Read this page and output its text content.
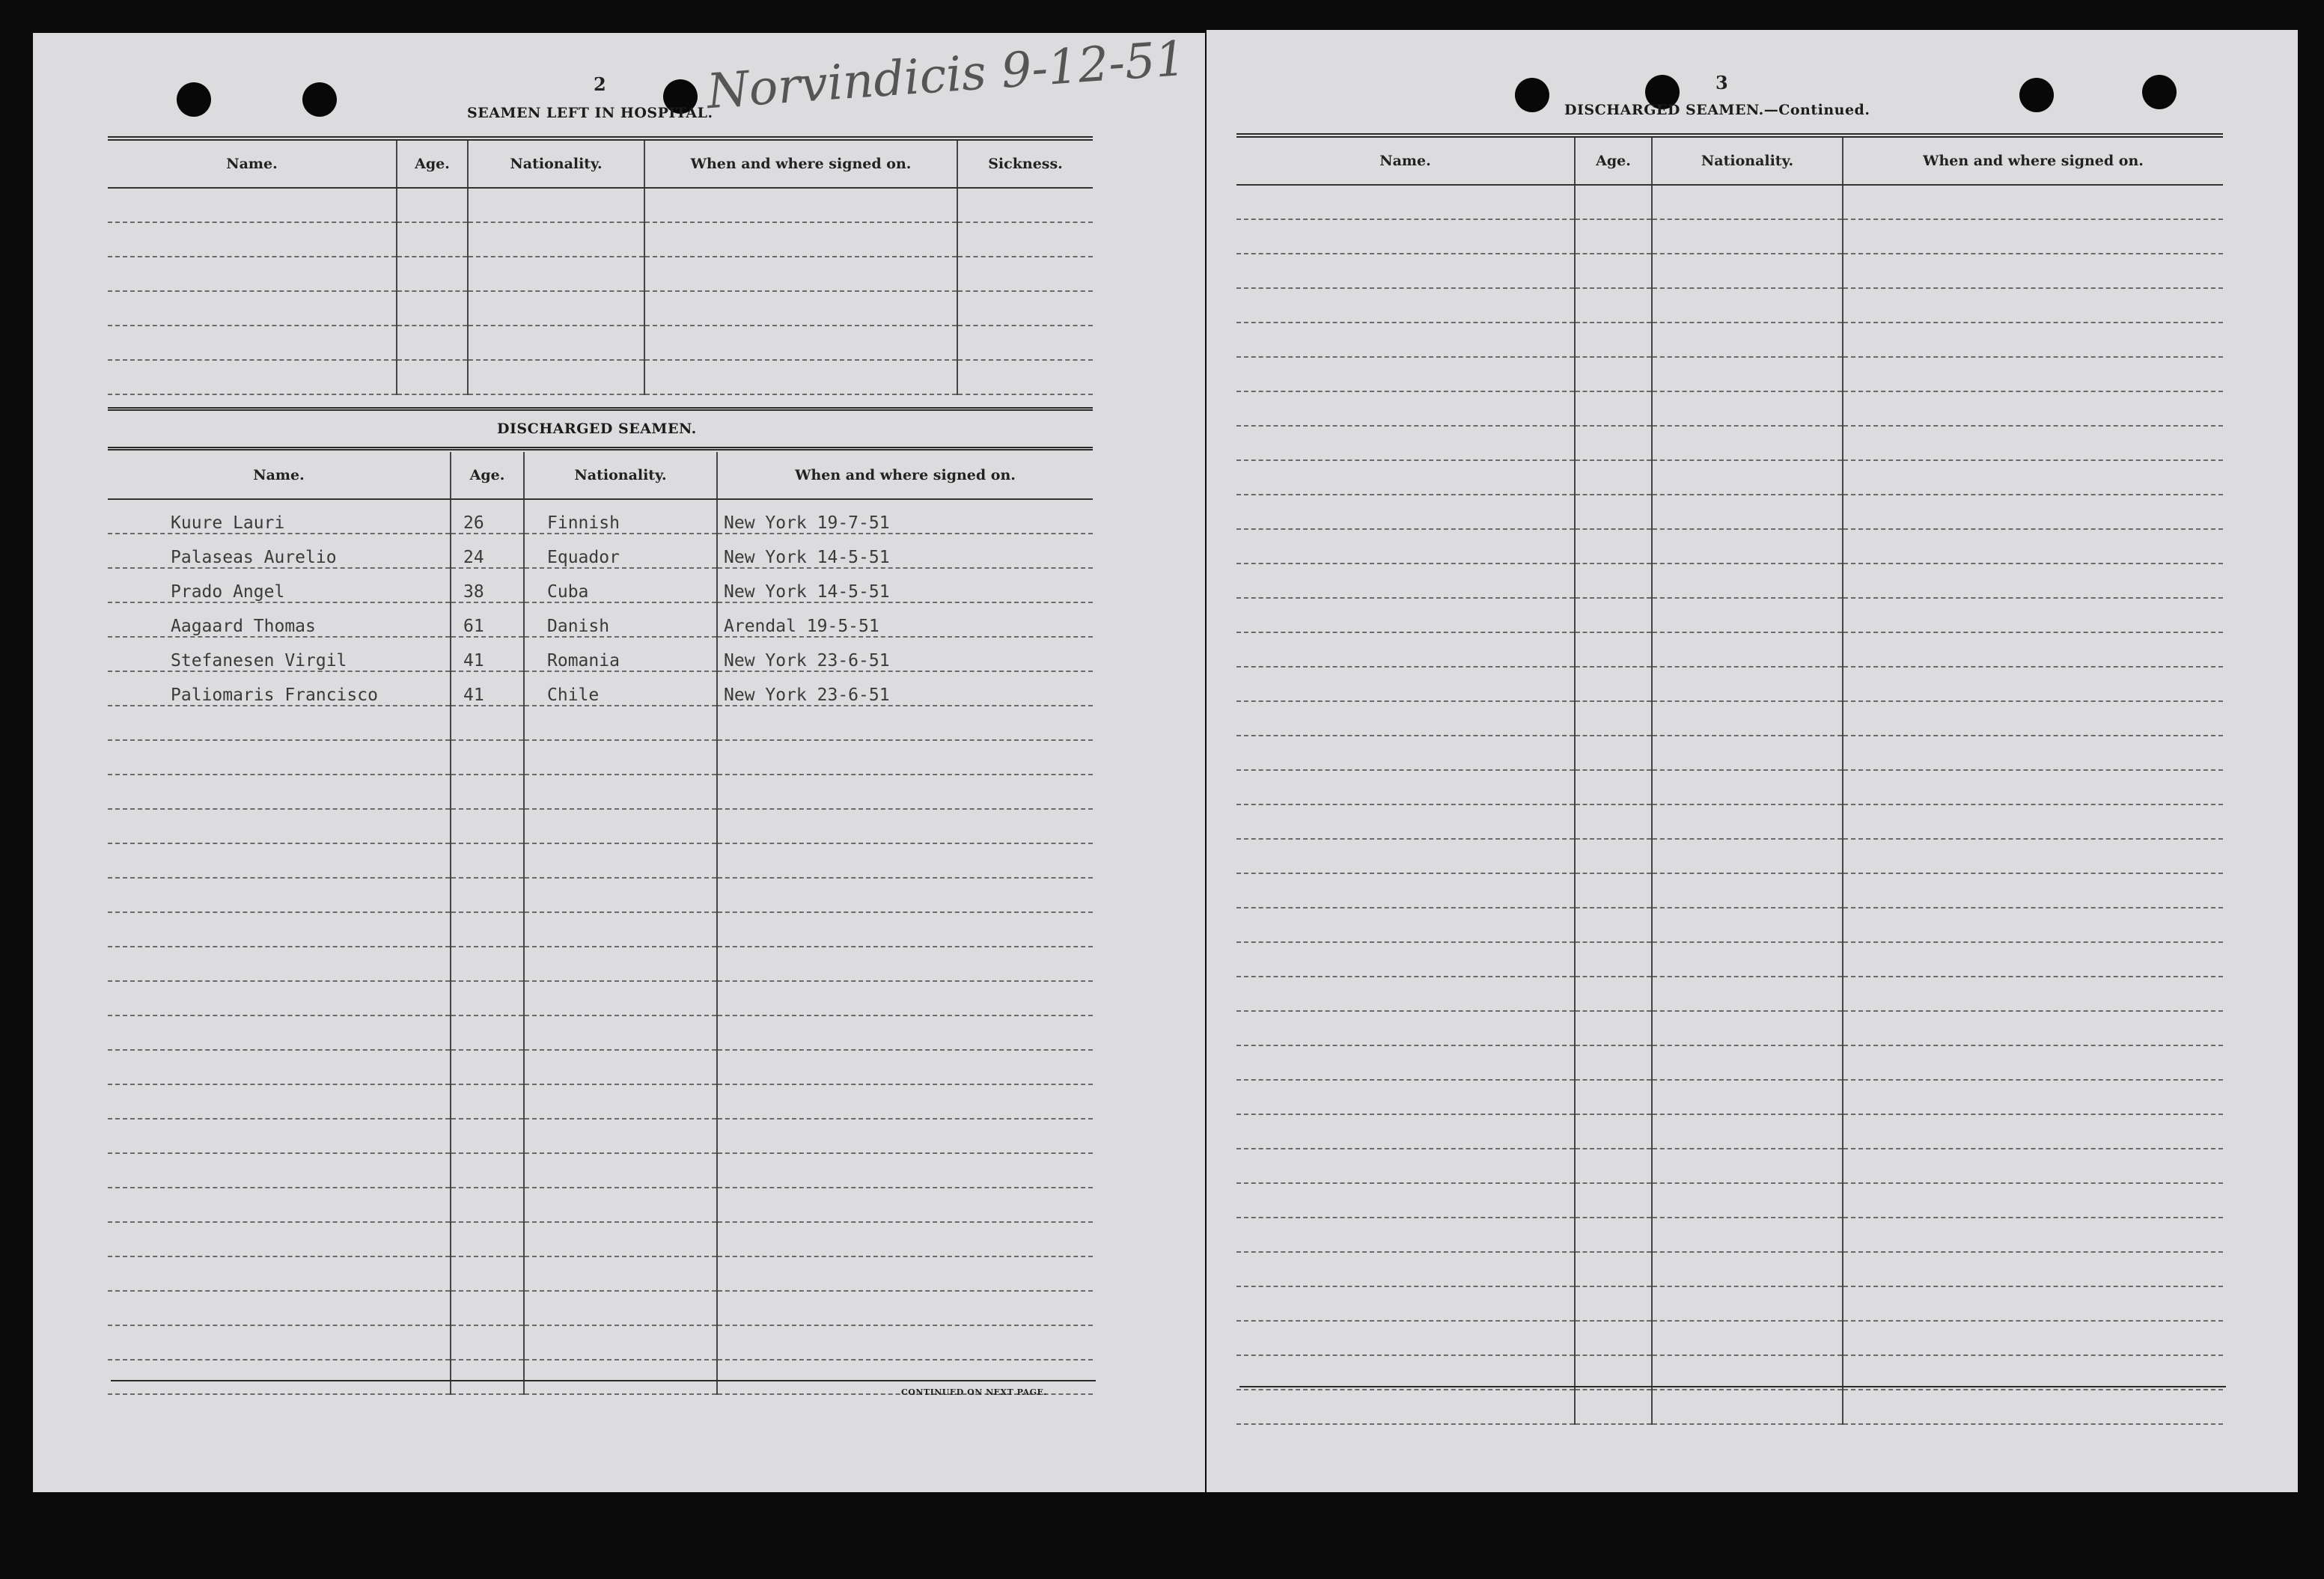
2
SEAMEN LEFT IN HOSPITAL.
Norvindicis 9-12-51
Name.	Age.	Nationality.	When and where signed on.	Sickness.

DISCHARGED SEAMEN.
Name.	Age.	Nationality.	When and where signed on.
Kuure Lauri	26	Finnish	New York 19-7-51
Palaseas Aurelio	24	Equador	New York 14-5-51
Prado Angel	38	Cuba	New York 14-5-51
Aagaard Thomas	61	Danish	Arendal 19-5-51
Stefanesen Virgil	41	Romania	New York 23-6-51
Paliomaris Francisco	41	Chile	New York 23-6-51

CONTINUED ON NEXT PAGE.
3
DISCHARGED SEAMEN.—Continued.
Name.	Age.	Nationality.	When and where signed on.
